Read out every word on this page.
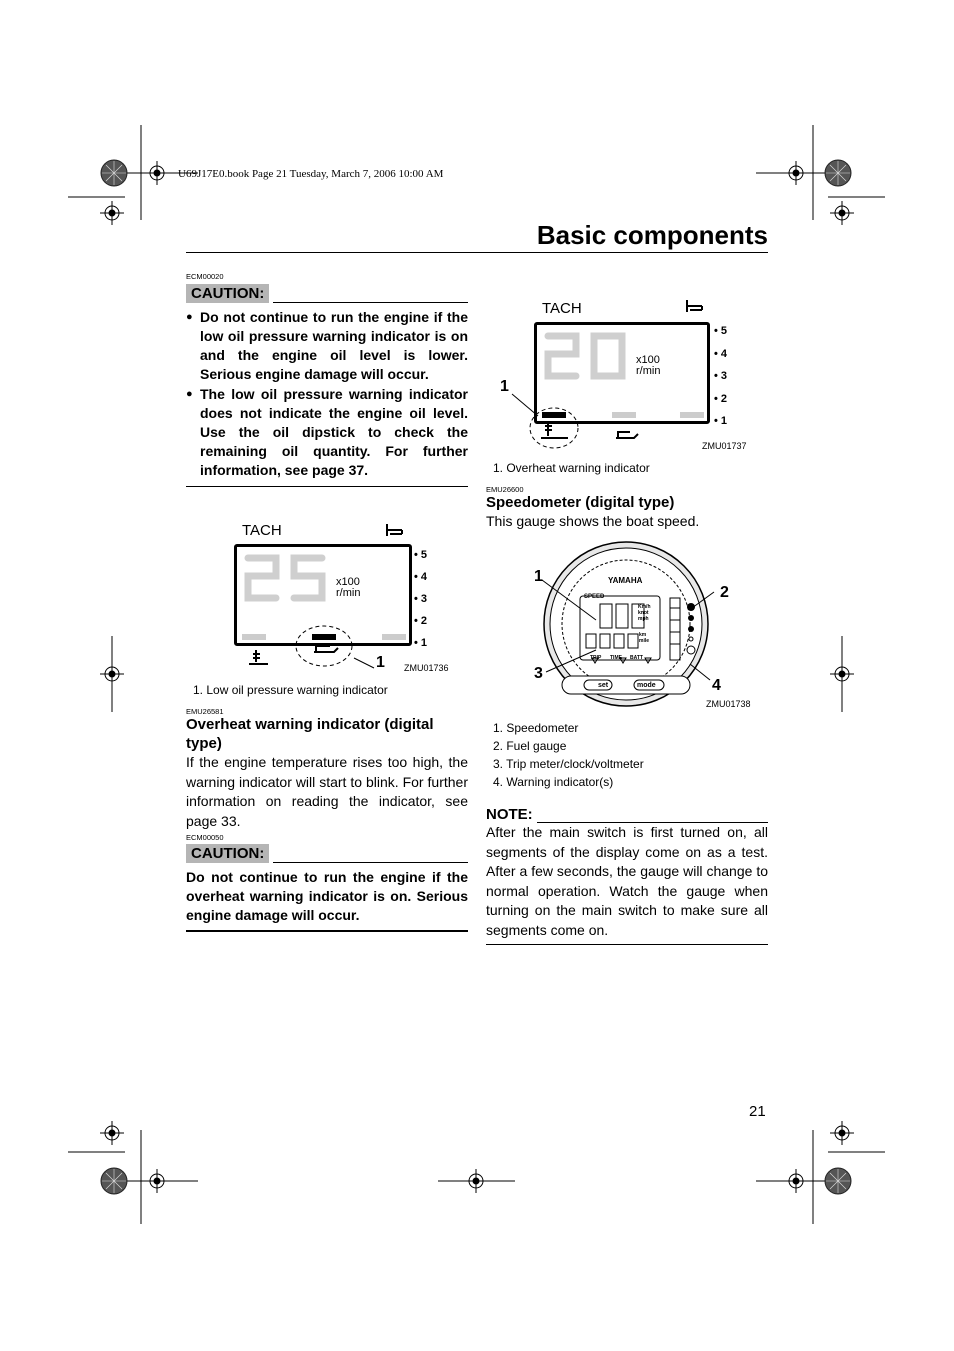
U69J17E0.book Page 21 Tuesday, March 7, 2006 10:00 AM
Basic components
ECM00020
CAUTION:
● Do not continue to run the engine if the low oil pressure warning indicator is on and the engine oil level is lower. Serious engine damage will occur.
● The low oil pressure warning indicator does not indicate the engine oil level. Use the oil dipstick to check the remaining oil quantity. For further information, see page 37.
TACH
x100
r/min
• 5
• 4
• 3
• 2
• 1
1 ZMU01736
1. Low oil pressure warning indicator
EMU26581
Overheat warning indicator (digital type)
If the engine temperature rises too high, the warning indicator will start to blink. For further information on reading the indicator, see page 33.
ECM00050
CAUTION:
Do not continue to run the engine if the overheat warning indicator is on. Serious engine damage will occur.
TACH
x100
r/min
• 5
• 4
• 3
• 2
• 1
1
ZMU01737
1. Overheat warning indicator
EMU26600
Speedometer (digital type)
This gauge shows the boat speed.
YAMAHA
SPEED
Km/h
knot
mph
km
mile
TRIP TIME BATT
set	mode
1
2
3
4
ZMU01738
1. Speedometer
2. Fuel gauge
3. Trip meter/clock/voltmeter
4. Warning indicator(s)
NOTE:
After the main switch is first turned on, all segments of the display come on as a test. After a few seconds, the gauge will change to normal operation. Watch the gauge when turning on the main switch to make sure all segments come on.
21
